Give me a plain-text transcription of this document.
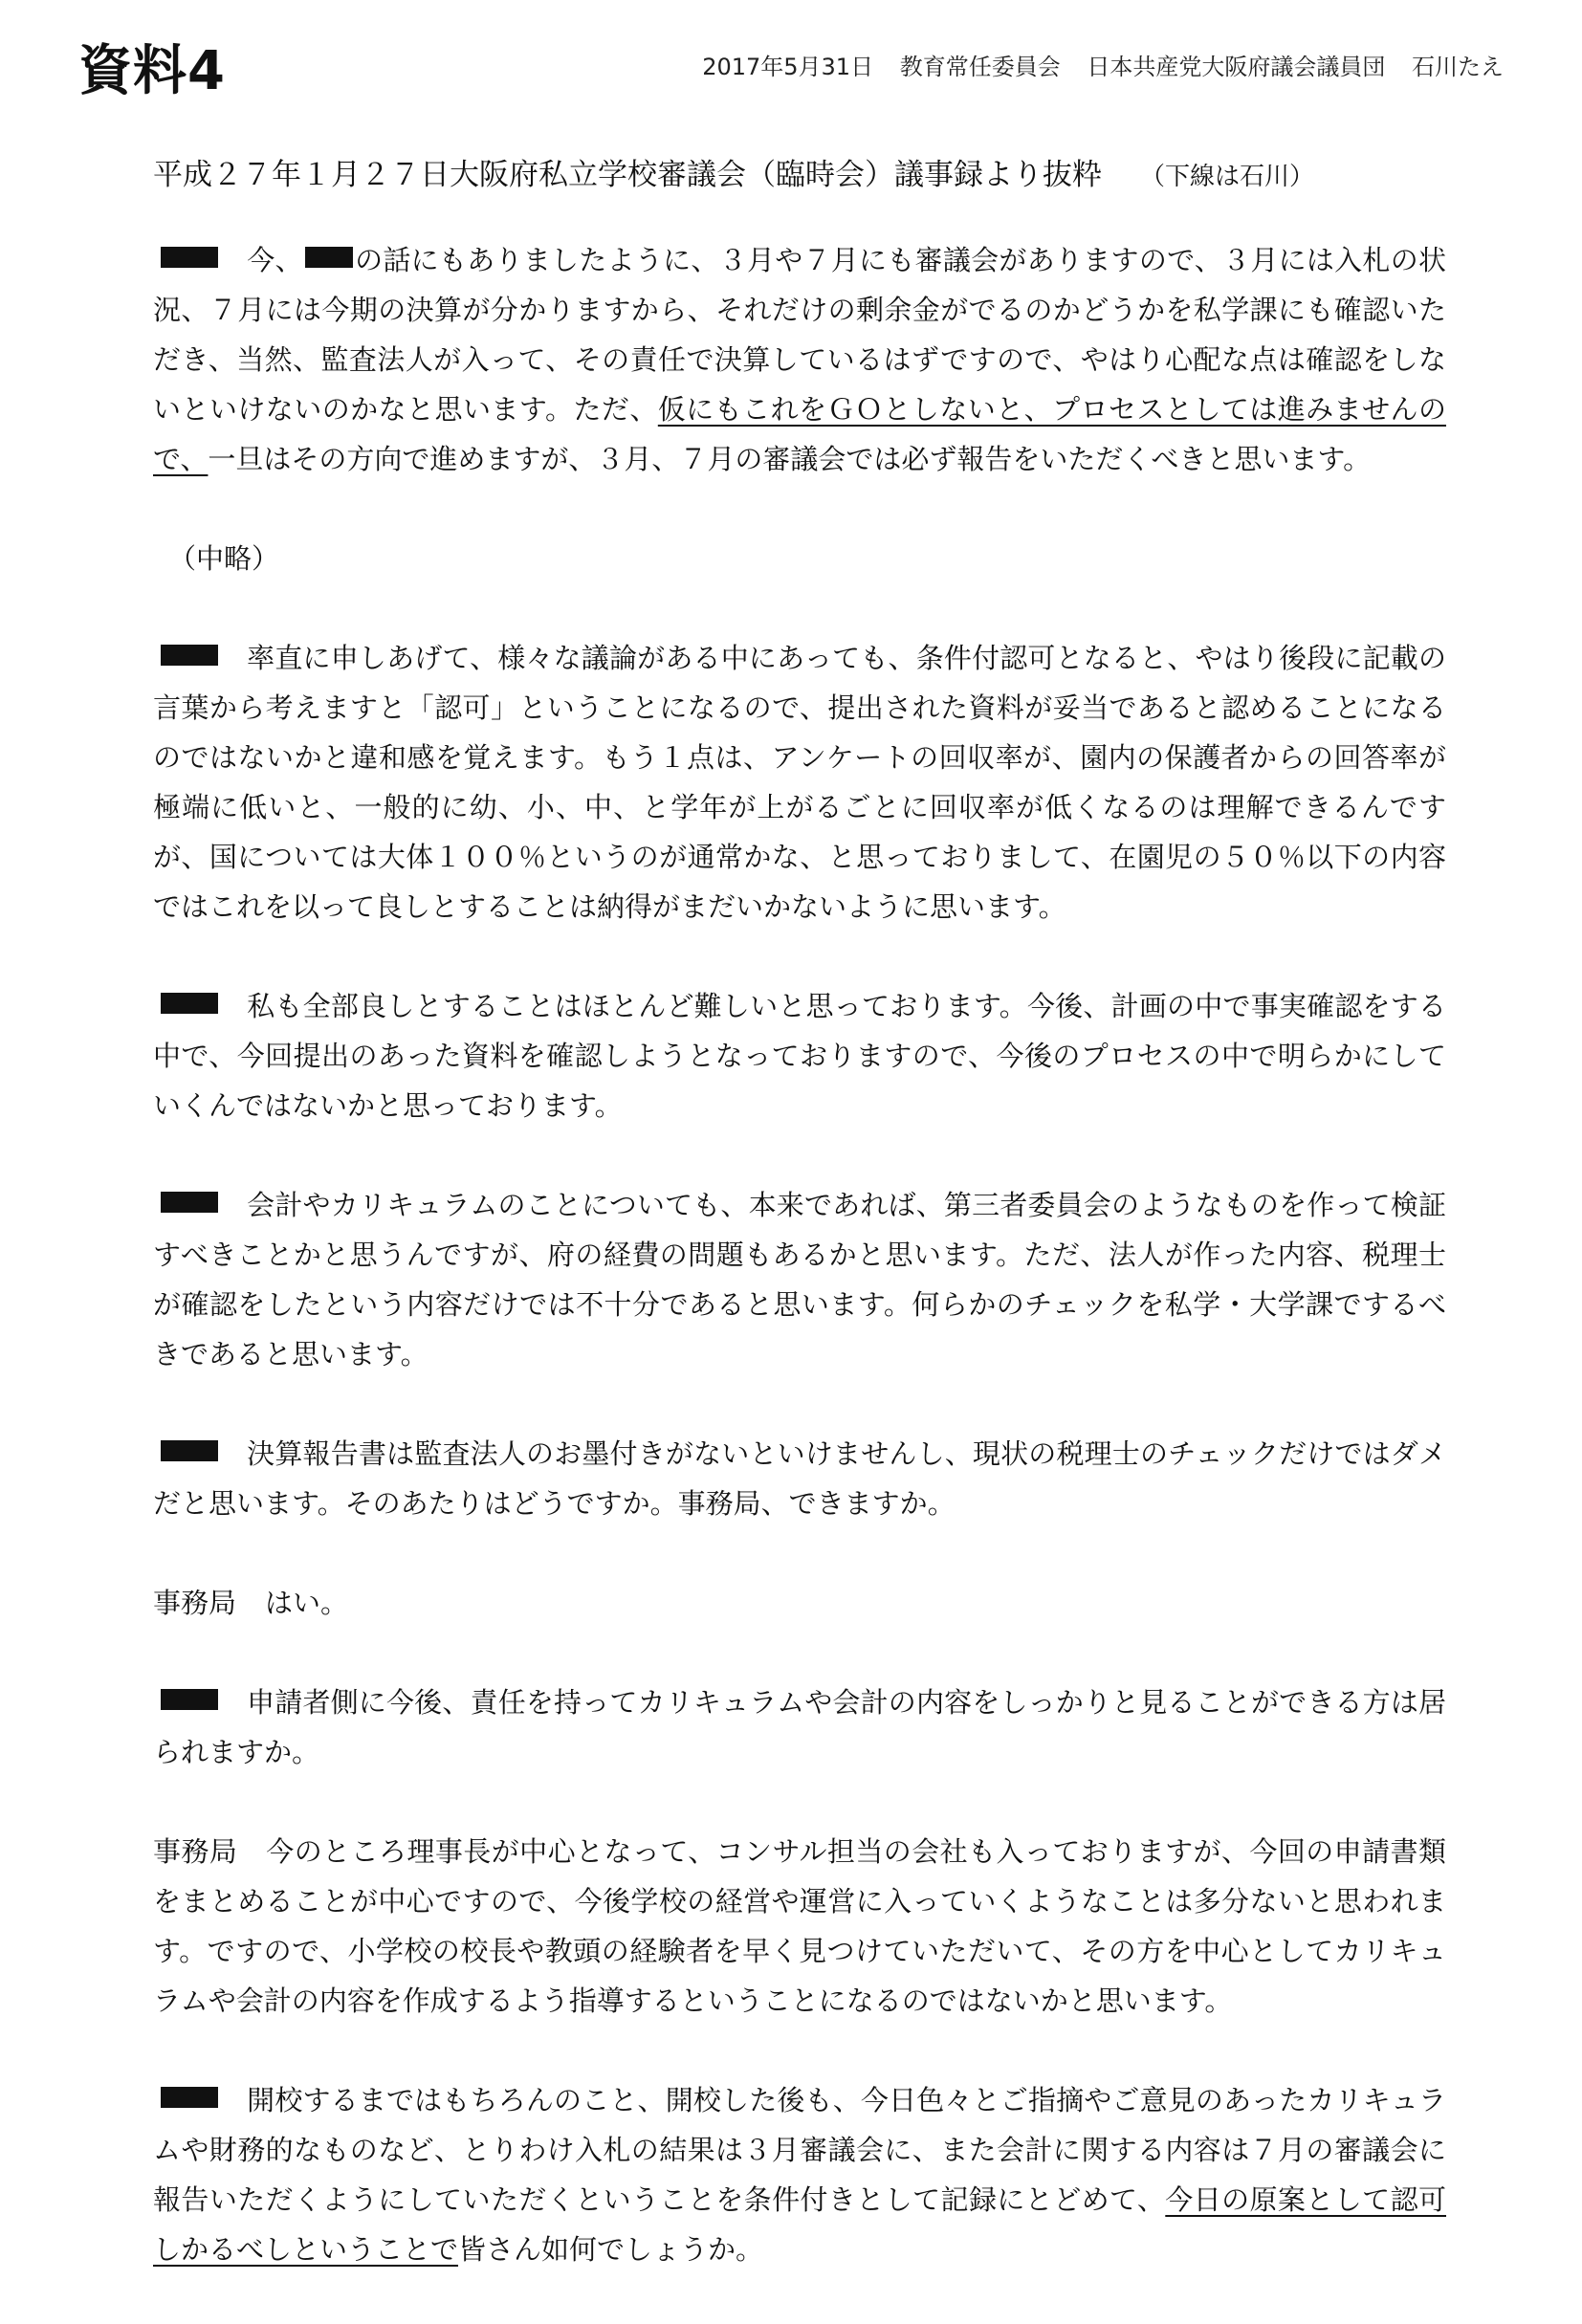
資料4	2017年5月31日 教育常任委員会 日本共産党大阪府議会議員団 石川たえ
平成２７年１月２７日大阪府私立学校審議会（臨時会）議事録より抜粋 （下線は石川）

今、 の話にもありましたように、３月や７月にも審議会がありますので、３月には入札の状況、７月には今期の決算が分かりますから、それだけの剰余金がでるのかどうかを私学課にも確認いただき、当然、監査法人が入って、その責任で決算しているはずですので、やはり心配な点は確認をしないといけないのかなと思います。ただ、仮にもこれをＧＯとしないと、プロセスとしては進みませんので、一旦はその方向で進めますが、３月、７月の審議会では必ず報告をいただくべきと思います。

（中略）

率直に申しあげて、様々な議論がある中にあっても、条件付認可となると、やはり後段に記載の言葉から考えますと「認可」ということになるので、提出された資料が妥当であると認めることになるのではないかと違和感を覚えます。もう１点は、アンケートの回収率が、園内の保護者からの回答率が極端に低いと、一般的に幼、小、中、と学年が上がるごとに回収率が低くなるのは理解できるんですが、国については大体１００％というのが通常かな、と思っておりまして、在園児の５０％以下の内容ではこれを以って良しとすることは納得がまだいかないように思います。

私も全部良しとすることはほとんど難しいと思っております。今後、計画の中で事実確認をする中で、今回提出のあった資料を確認しようとなっておりますので、今後のプロセスの中で明らかにしていくんではないかと思っております。

会計やカリキュラムのことについても、本来であれば、第三者委員会のようなものを作って検証すべきことかと思うんですが、府の経費の問題もあるかと思います。ただ、法人が作った内容、税理士が確認をしたという内容だけでは不十分であると思います。何らかのチェックを私学・大学課でするべきであると思います。

決算報告書は監査法人のお墨付きがないといけませんし、現状の税理士のチェックだけではダメだと思います。そのあたりはどうですか。事務局、できますか。

事務局 はい。

申請者側に今後、責任を持ってカリキュラムや会計の内容をしっかりと見ることができる方は居られますか。

事務局 今のところ理事長が中心となって、コンサル担当の会社も入っておりますが、今回の申請書類をまとめることが中心ですので、今後学校の経営や運営に入っていくようなことは多分ないと思われます。ですので、小学校の校長や教頭の経験者を早く見つけていただいて、その方を中心としてカリキュラムや会計の内容を作成するよう指導するということになるのではないかと思います。

開校するまではもちろんのこと、開校した後も、今日色々とご指摘やご意見のあったカリキュラムや財務的なものなど、とりわけ入札の結果は３月審議会に、また会計に関する内容は７月の審議会に報告いただくようにしていただくということを条件付きとして記録にとどめて、今日の原案として認可しかるべしということで皆さん如何でしょうか。
